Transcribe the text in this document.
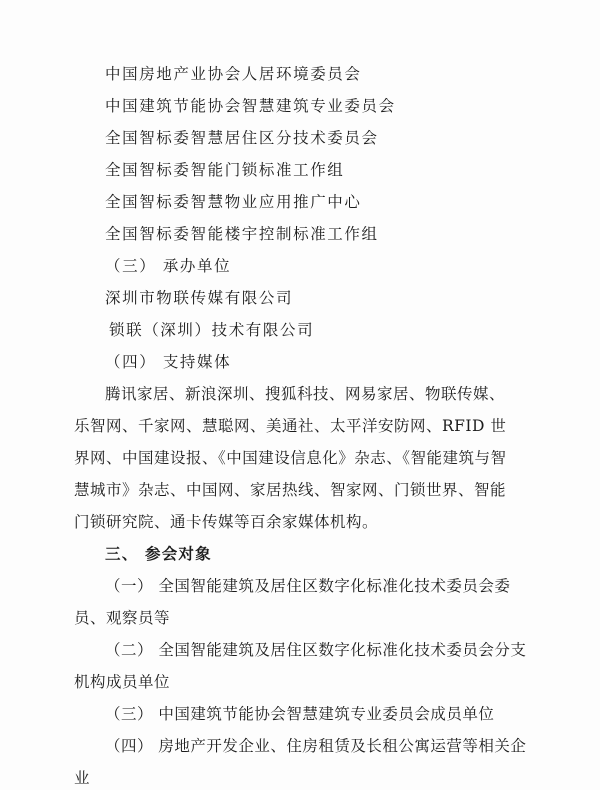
中国房地产业协会人居环境委员会
中国建筑节能协会智慧建筑专业委员会
全国智标委智慧居住区分技术委员会
全国智标委智能门锁标准工作组
全国智标委智慧物业应用推广中心
全国智标委智能楼宇控制标准工作组
（三） 承办单位
深圳市物联传媒有限公司
锁联（深圳）技术有限公司
（四） 支持媒体
腾讯家居、新浪深圳、搜狐科技、网易家居、物联传媒、
乐智网、千家网、慧聪网、美通社、太平洋安防网、RFID 世
界网、中国建设报、《中国建设信息化》杂志、《智能建筑与智
慧城市》杂志、中国网、家居热线、智家网、门锁世界、智能
门锁研究院、通卡传媒等百余家媒体机构。
三、 参会对象
（一） 全国智能建筑及居住区数字化标准化技术委员会委
员、观察员等
（二） 全国智能建筑及居住区数字化标准化技术委员会分支
机构成员单位
（三） 中国建筑节能协会智慧建筑专业委员会成员单位
（四） 房地产开发企业、住房租赁及长租公寓运营等相关企
业
